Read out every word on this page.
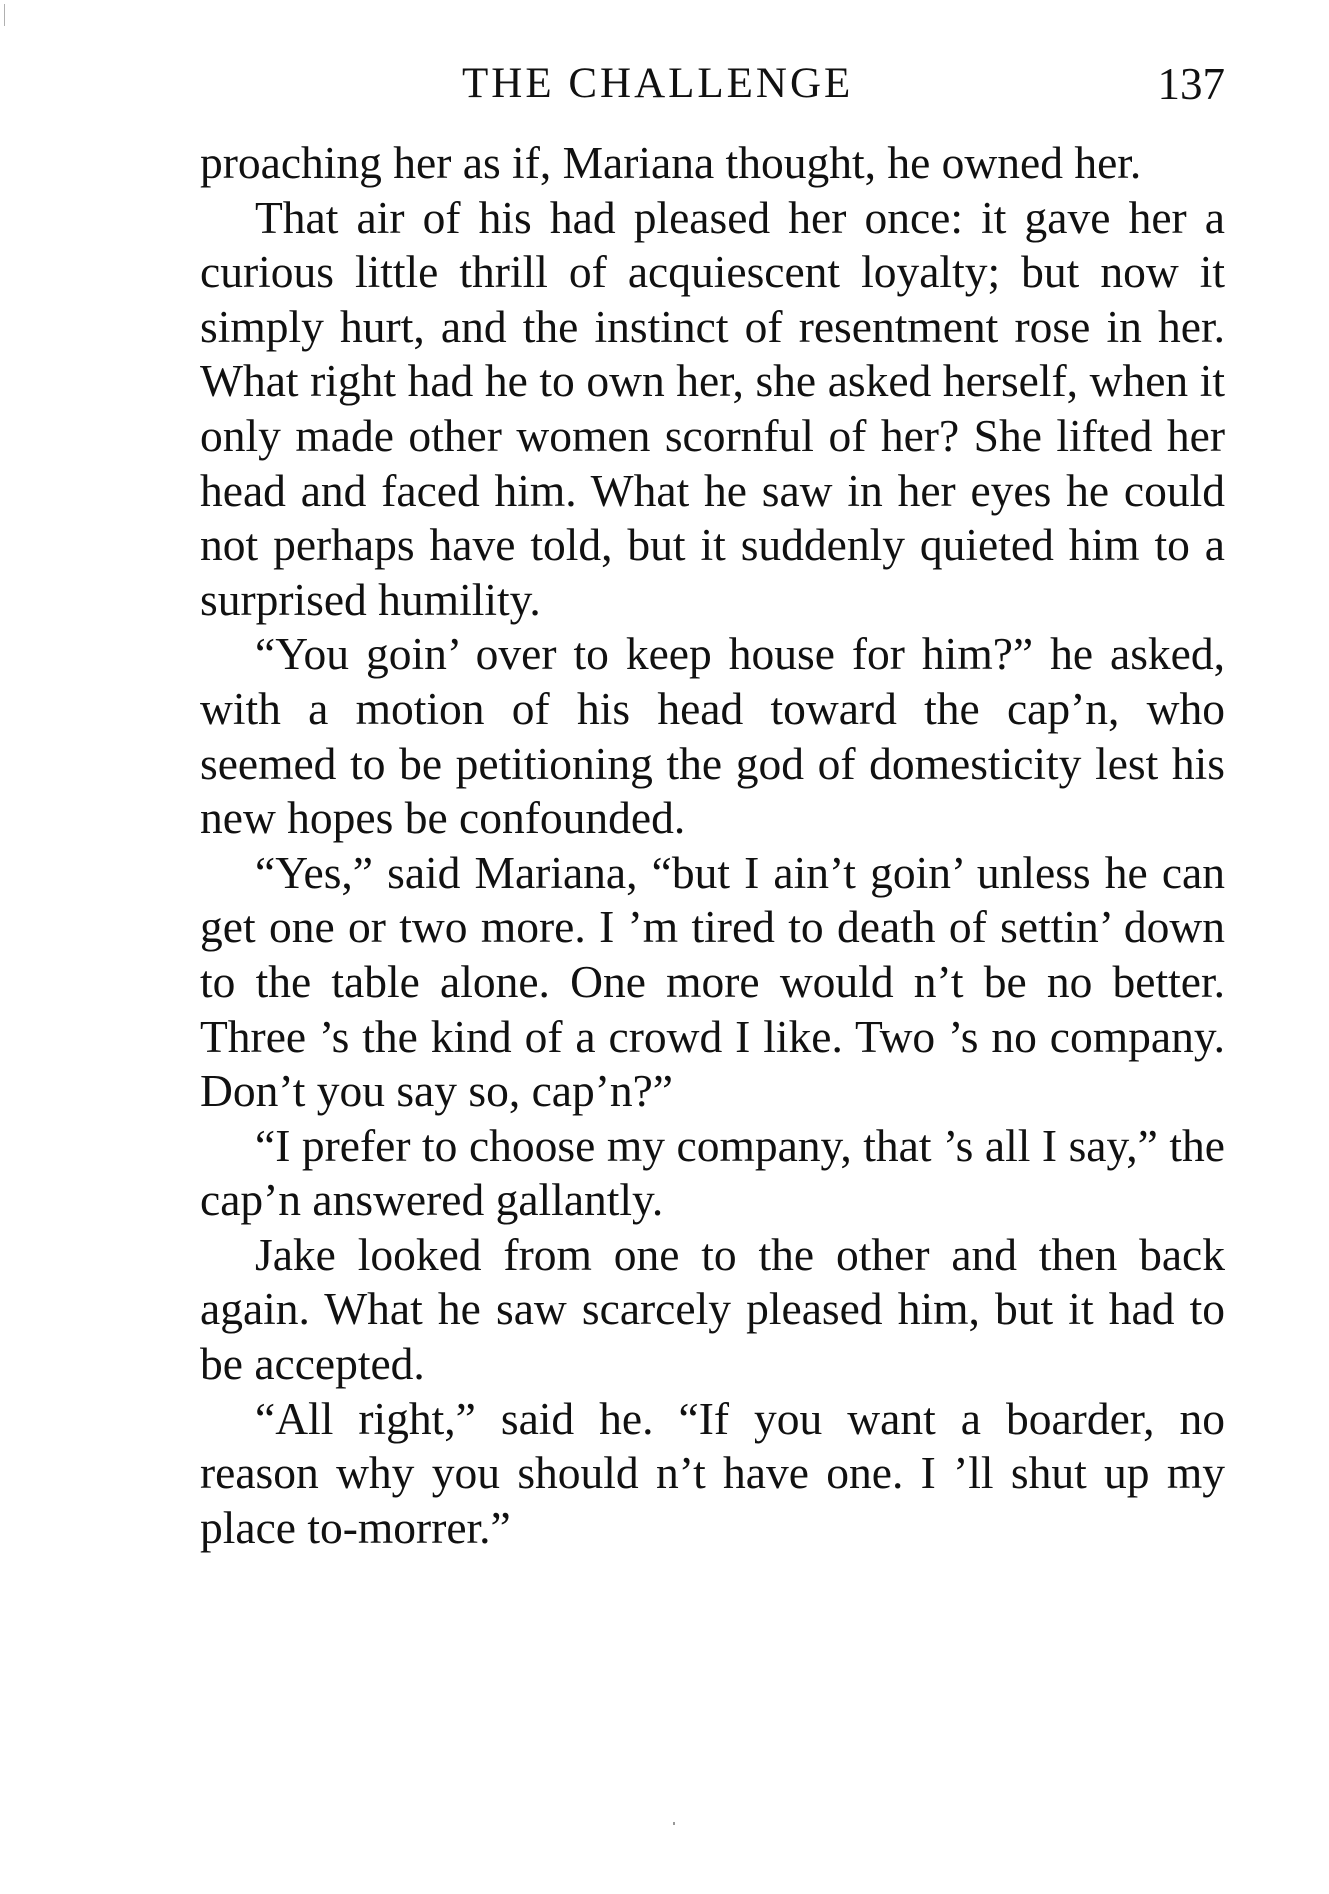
THE CHALLENGE	137

proaching her as if, Mariana thought, he owned her.

That air of his had pleased her once: it gave her a curious little thrill of acquiescent loyalty; but now it simply hurt, and the instinct of resentment rose in her. What right had he to own her, she asked herself, when it only made other women scornful of her? She lifted her head and faced him. What he saw in her eyes he could not perhaps have told, but it suddenly quieted him to a surprised humility.

“You goin’ over to keep house for him?” he asked, with a motion of his head toward the cap’n, who seemed to be petitioning the god of domesticity lest his new hopes be confounded.

“Yes,” said Mariana, “but I ain’t goin’ unless he can get one or two more. I ’m tired to death of settin’ down to the table alone. One more would n’t be no better. Three ’s the kind of a crowd I like. Two ’s no company. Don’t you say so, cap’n?”

“I prefer to choose my company, that ’s all I say,” the cap’n answered gallantly.

Jake looked from one to the other and then back again. What he saw scarcely pleased him, but it had to be accepted.

“All right,” said he. “If you want a boarder, no reason why you should n’t have one. I ’ll shut up my place to-morrer.”
